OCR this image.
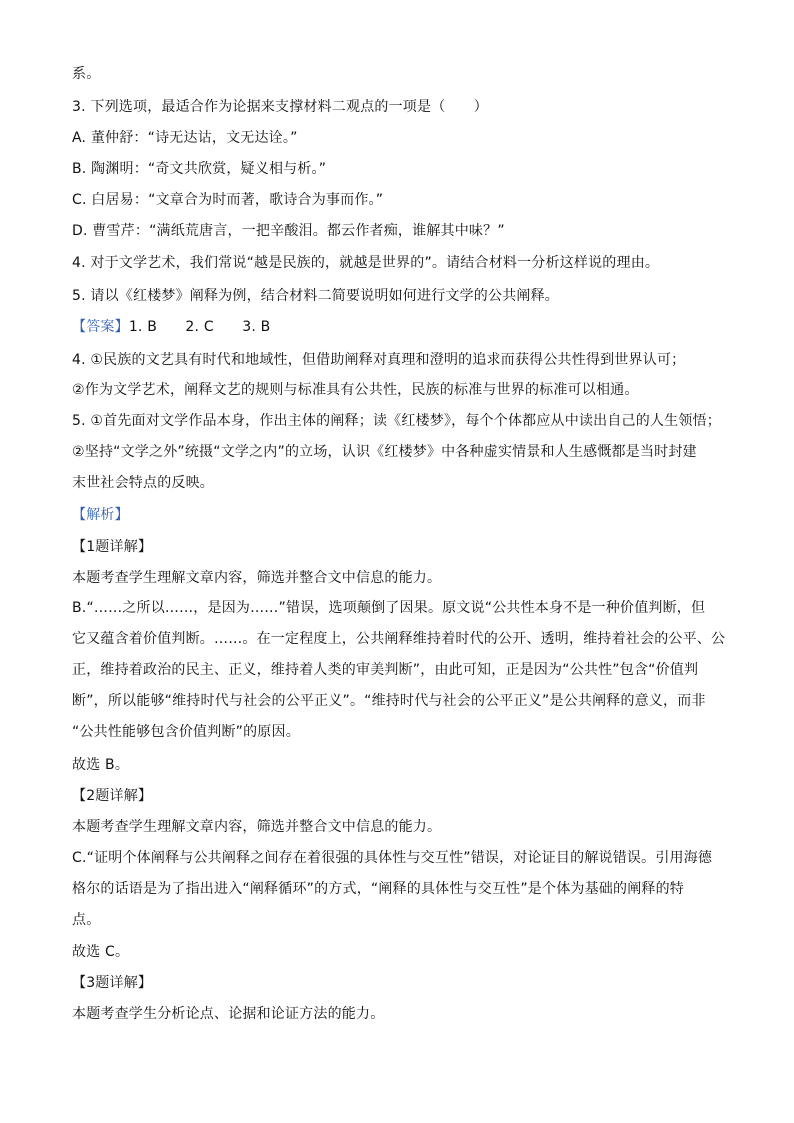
系。
3. 下列选项，最适合作为论据来支撑材料二观点的一项是（　　）
A. 董仲舒：“诗无达诂，文无达诠。”
B. 陶渊明：“奇文共欣赏，疑义相与析。”
C. 白居易：“文章合为时而著，歌诗合为事而作。”
D. 曹雪芹：“满纸荒唐言，一把辛酸泪。都云作者痴，谁解其中味？”
4. 对于文学艺术，我们常说“越是民族的，就越是世界的”。请结合材料一分析这样说的理由。
5. 请以《红楼梦》阐释为例，结合材料二简要说明如何进行文学的公共阐释。
【答案】1. B　　2. C　　3. B
4. ①民族的文艺具有时代和地域性，但借助阐释对真理和澄明的追求而获得公共性得到世界认可；
②作为文学艺术，阐释文艺的规则与标准具有公共性，民族的标准与世界的标准可以相通。
5. ①首先面对文学作品本身，作出主体的阐释；读《红楼梦》，每个个体都应从中读出自己的人生领悟；
②坚持“文学之外”统摄“文学之内”的立场，认识《红楼梦》中各种虚实情景和人生感慨都是当时封建
末世社会特点的反映。
【解析】
【1题详解】
本题考查学生理解文章内容，筛选并整合文中信息的能力。
B.“……之所以……，是因为……”错误，选项颠倒了因果。原文说“公共性本身不是一种价值判断，但
它又蕴含着价值判断。……。在一定程度上，公共阐释维持着时代的公开、透明，维持着社会的公平、公
正，维持着政治的民主、正义，维持着人类的审美判断”，由此可知，正是因为“公共性”包含“价值判
断”，所以能够“维持时代与社会的公平正义”。“维持时代与社会的公平正义”是公共阐释的意义，而非
“公共性能够包含价值判断”的原因。
故选 B。
【2题详解】
本题考查学生理解文章内容，筛选并整合文中信息的能力。
C.“证明个体阐释与公共阐释之间存在着很强的具体性与交互性”错误，对论证目的解说错误。引用海德
格尔的话语是为了指出进入“阐释循环”的方式，“阐释的具体性与交互性”是个体为基础的阐释的特
点。
故选 C。
【3题详解】
本题考查学生分析论点、论据和论证方法的能力。
